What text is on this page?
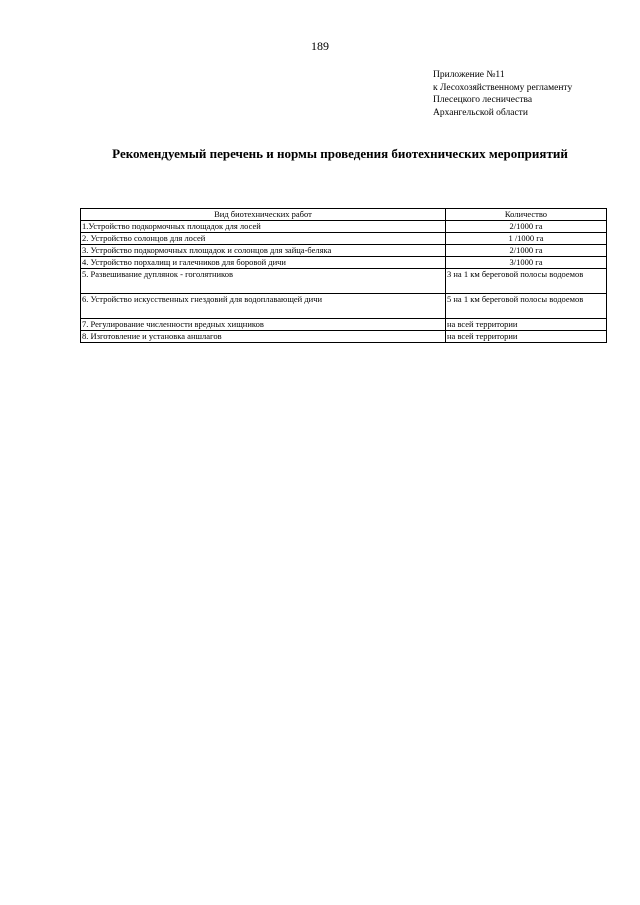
189
Приложение №11
к Лесохозяйственному регламенту
Плесецкого лесничества
Архангельской области
Рекомендуемый перечень и нормы проведения биотехнических мероприятий
Вид биотехнических работ	Количество
1.Устройство подкормочных площадок для лосей	2/1000 га
2. Устройство солонцов для лосей	1 /1000 га
3. Устройство подкормочных площадок и солонцов для зайца-беляка	2/1000 га
4. Устройство порхалищ и галечников для боровой дичи	3/1000 га
5. Развешивание дуплянок - гоголятников	3 на 1 км береговой полосы водоемов
6. Устройство искусственных гнездовий для водоплавающей дичи	5 на 1 км береговой полосы водоемов
7. Регулирование численности вредных хищников	на всей территории
8. Изготовление и установка аншлагов	на всей территории
